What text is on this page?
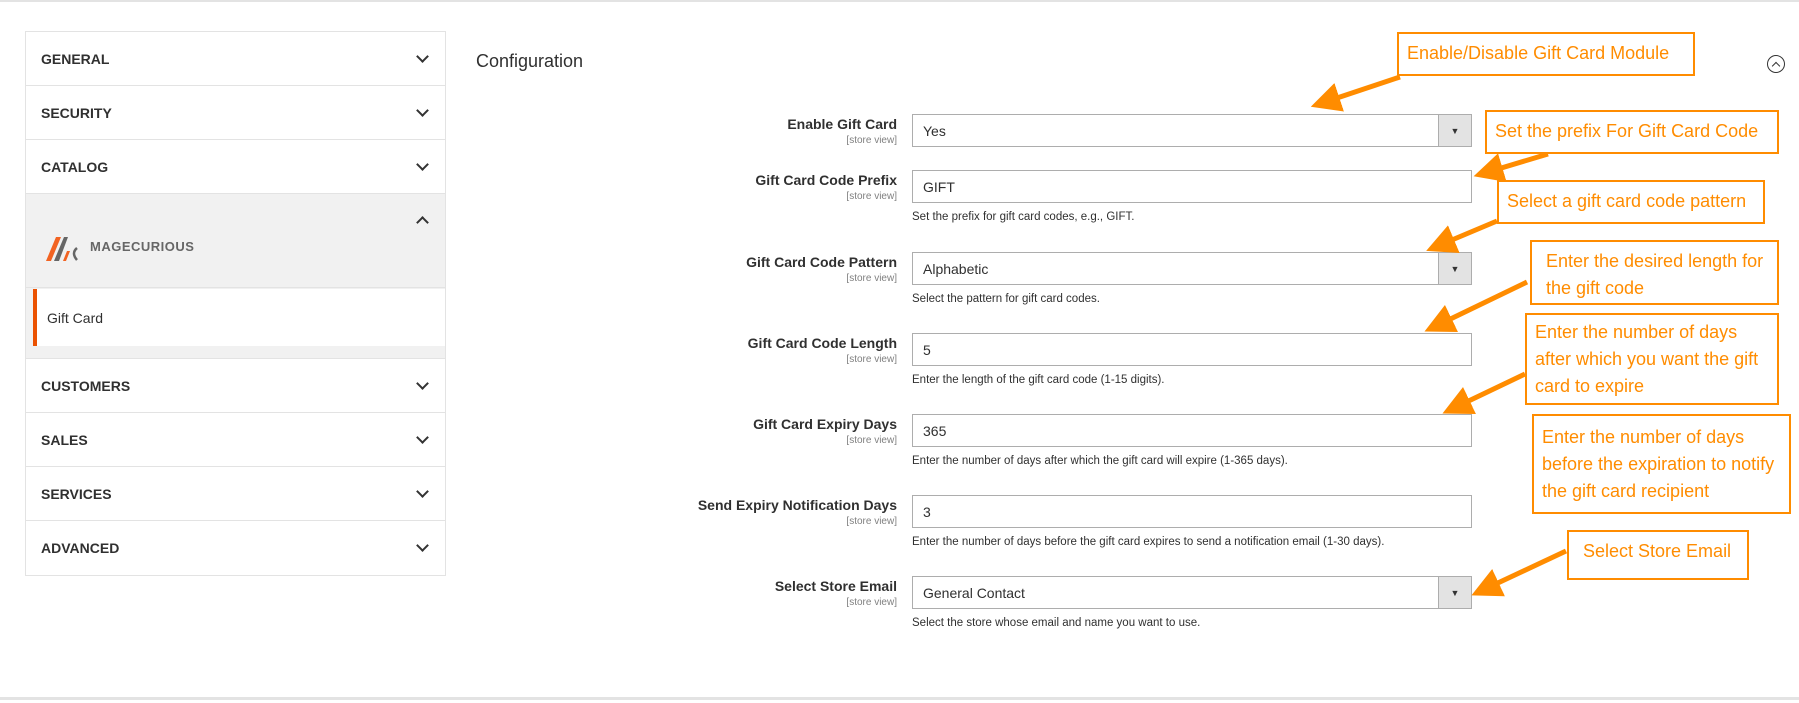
GENERAL
SECURITY
CATALOG
MAGECURIOUS
Gift Card
CUSTOMERS
SALES
SERVICES
ADVANCED
Configuration
Enable Gift Card
[store view]
Yes	▼
Gift Card Code Prefix
[store view]
GIFT
Set the prefix for gift card codes, e.g., GIFT.
Gift Card Code Pattern
[store view]
Alphabetic	▼
Select the pattern for gift card codes.
Gift Card Code Length
[store view]
5
Enter the length of the gift card code (1-15 digits).
Gift Card Expiry Days
[store view]
365
Enter the number of days after which the gift card will expire (1-365 days).
Send Expiry Notification Days
[store view]
3
Enter the number of days before the gift card expires to send a notification email (1-30 days).
Select Store Email
[store view]
General Contact	▼
Select the store whose email and name you want to use.
Enable/Disable Gift Card Module
Set the prefix For Gift Card Code
Select a gift card code pattern
Enter the desired length for the gift code
Enter the number of days after which you want the gift card to expire
Enter the number of days before the expiration to notify the gift card recipient
Select Store Email
